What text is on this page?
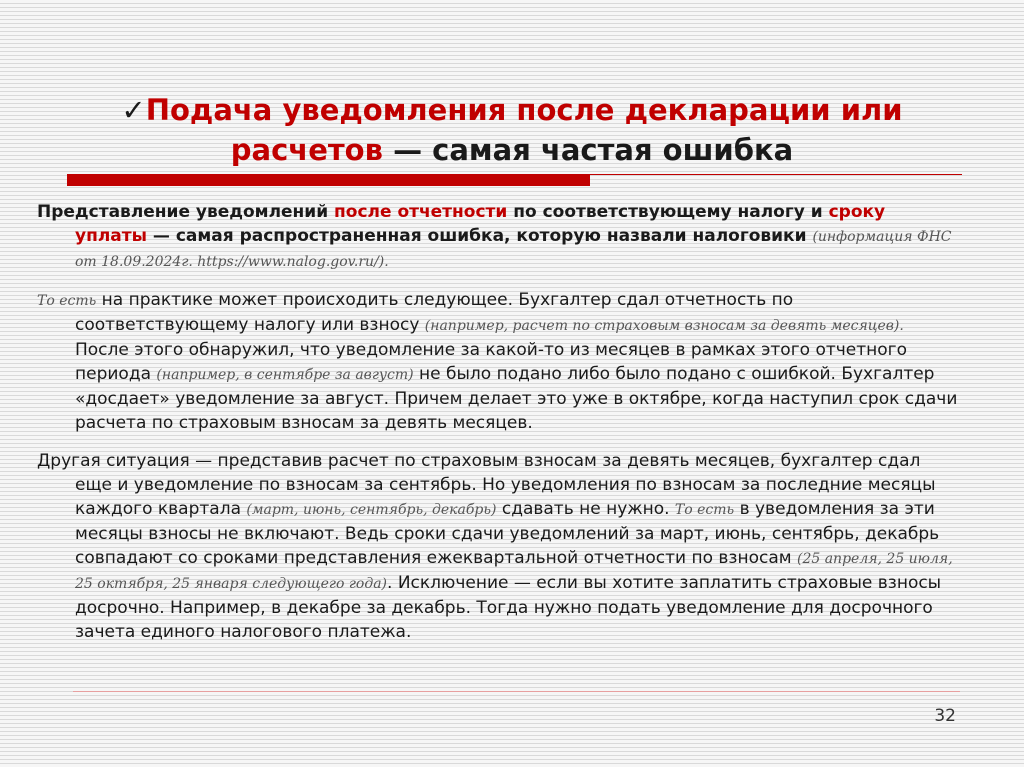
✓Подача уведомления после декларации или
расчетов — самая частая ошибка

Представление уведомлений после отчетности по соответствующему налогу и сроку уплаты — самая распространенная ошибка, которую назвали налоговики (информация ФНС от 18.09.2024г. https://www.nalog.gov.ru/).

То есть на практике может происходить следующее. Бухгалтер сдал отчетность по соответствующему налогу или взносу (например, расчет по страховым взносам за девять месяцев). После этого обнаружил, что уведомление за какой-то из месяцев в рамках этого отчетного периода (например, в сентябре за август) не было подано либо было подано с ошибкой. Бухгалтер «досдает» уведомление за август. Причем делает это уже в октябре, когда наступил срок сдачи расчета по страховым взносам за девять месяцев.

Другая ситуация — представив расчет по страховым взносам за девять месяцев, бухгалтер сдал еще и уведомление по взносам за сентябрь. Но уведомления по взносам за последние месяцы каждого квартала (март, июнь, сентябрь, декабрь) сдавать не нужно. То есть в уведомления за эти месяцы взносы не включают. Ведь сроки сдачи уведомлений за март, июнь, сентябрь, декабрь совпадают со сроками представления ежеквартальной отчетности по взносам (25 апреля, 25 июля, 25 октября, 25 января следующего года). Исключение — если вы хотите заплатить страховые взносы досрочно. Например, в декабре за декабрь. Тогда нужно подать уведомление для досрочного зачета единого налогового платежа.

32
